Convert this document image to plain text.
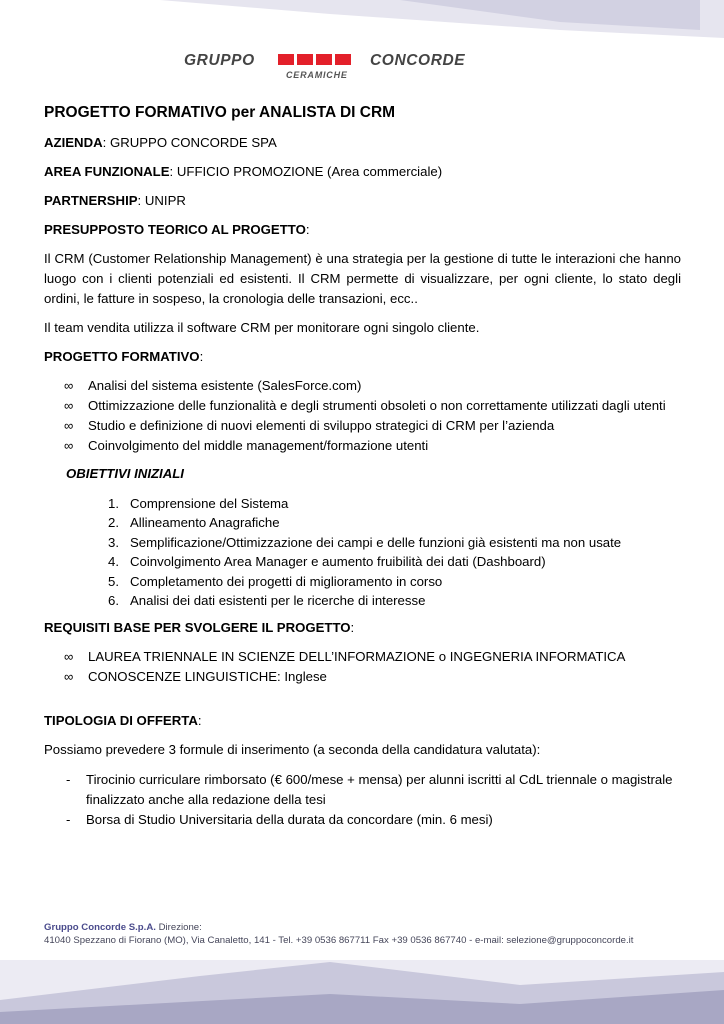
GRUPPO	CONCORDE
CERAMICHE

PROGETTO FORMATIVO per ANALISTA DI CRM

AZIENDA: GRUPPO CONCORDE SPA

AREA FUNZIONALE: UFFICIO PROMOZIONE (Area commerciale)

PARTNERSHIP: UNIPR

PRESUPPOSTO TEORICO AL PROGETTO:

Il CRM (Customer Relationship Management) è una strategia per la gestione di tutte le interazioni che hanno luogo con i clienti potenziali ed esistenti. Il CRM permette di visualizzare, per ogni cliente, lo stato degli ordini, le fatture in sospeso, la cronologia delle transazioni, ecc..

Il team vendita utilizza il software CRM per monitorare ogni singolo cliente.

PROGETTO FORMATIVO:

∞ Analisi del sistema esistente (SalesForce.com)
∞ Ottimizzazione delle funzionalità e degli strumenti obsoleti o non correttamente utilizzati dagli utenti
∞ Studio e definizione di nuovi elementi di sviluppo strategici di CRM per l’azienda
∞ Coinvolgimento del middle management/formazione utenti

OBIETTIVI INIZIALI

1. Comprensione del Sistema
2. Allineamento Anagrafiche
3. Semplificazione/Ottimizzazione dei campi e delle funzioni già esistenti ma non usate
4. Coinvolgimento Area Manager e aumento fruibilità dei dati (Dashboard)
5. Completamento dei progetti di miglioramento in corso
6. Analisi dei dati esistenti per le ricerche di interesse

REQUISITI BASE PER SVOLGERE IL PROGETTO:

∞ LAUREA TRIENNALE IN SCIENZE DELL’INFORMAZIONE o INGEGNERIA INFORMATICA
∞ CONOSCENZE LINGUISTICHE: Inglese

TIPOLOGIA DI OFFERTA:

Possiamo prevedere 3 formule di inserimento (a seconda della candidatura valutata):

- Tirocinio curriculare rimborsato (€ 600/mese + mensa) per alunni iscritti al CdL triennale o magistrale finalizzato anche alla redazione della tesi
- Borsa di Studio Universitaria della durata da concordare (min. 6 mesi)
Gruppo Concorde S.p.A. Direzione:
41040 Spezzano di Fiorano (MO), Via Canaletto, 141 - Tel. +39 0536 867711 Fax +39 0536 867740 - e-mail: selezione@gruppoconcorde.it
